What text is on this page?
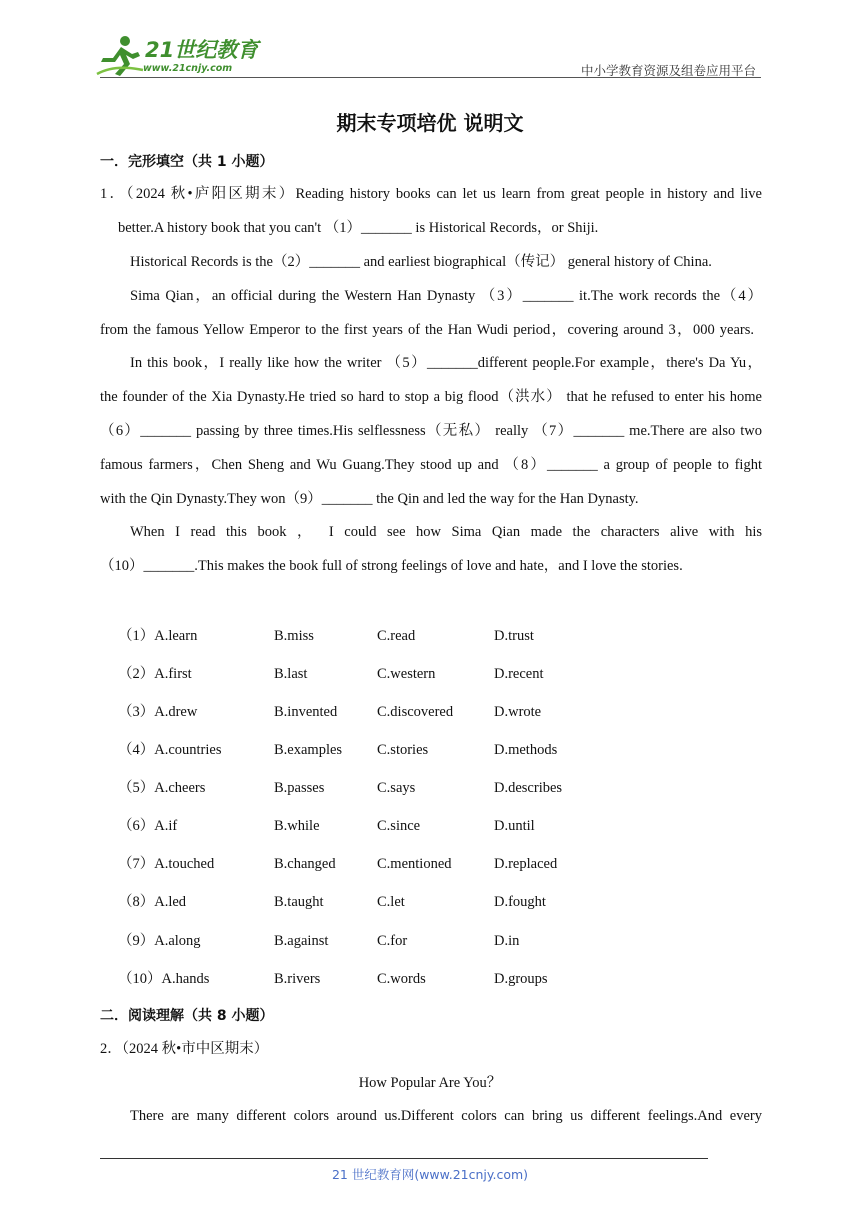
21世纪教育
www.21cnjy.com	中小学教育资源及组卷应用平台
期末专项培优 说明文
一．完形填空（共 1 小题）
1．（2024 秋•庐阳区期末）Reading history books can let us learn from great people in history and live
better.A history book that you can't （1）_______ is Historical Records，or Shiji.
Historical Records is the（2）_______ and earliest biographical（传记） general history of China.
Sima Qian，an official during the Western Han Dynasty （3）_______ it.The work records the（4）
from the famous Yellow Emperor to the first years of the Han Wudi period，covering around 3，000 years.
In this book，I really like how the writer （5）_______different people.For example，there's Da Yu，
the founder of the Xia Dynasty.He tried so hard to stop a big flood（洪水） that he refused to enter his home
（6）_______ passing by three times.His selflessness（无私） really （7）_______ me.There are also two
famous farmers，Chen Sheng and Wu Guang.They stood up and （8）_______ a group of people to fight
with the Qin Dynasty.They won（9）_______ the Qin and led the way for the Han Dynasty.
When I read this book ， I could see how Sima Qian made the characters alive with his
（10）_______.This makes the book full of strong feelings of love and hate，and I love the stories.
（1）A.learn	B.miss	C.read	D.trust
（2）A.first	B.last	C.western	D.recent
（3）A.drew	B.invented	C.discovered	D.wrote
（4）A.countries	B.examples C.stories	D.methods
（5）A.cheers	B.passes	C.says	D.describes
（6）A.if	B.while	C.since	D.until
（7）A.touched	B.changed	C.mentioned	D.replaced
（8）A.led	B.taught	C.let	D.fought
（9）A.along	B.against	C.for	D.in
（10）A.hands	B.rivers	C.words	D.groups
二．阅读理解（共 8 小题）
2．（2024 秋•市中区期末）
How Popular Are You？
There are many different colors around us.Different colors can bring us different feelings.And every
21 世纪教育网(www.21cnjy.com)
